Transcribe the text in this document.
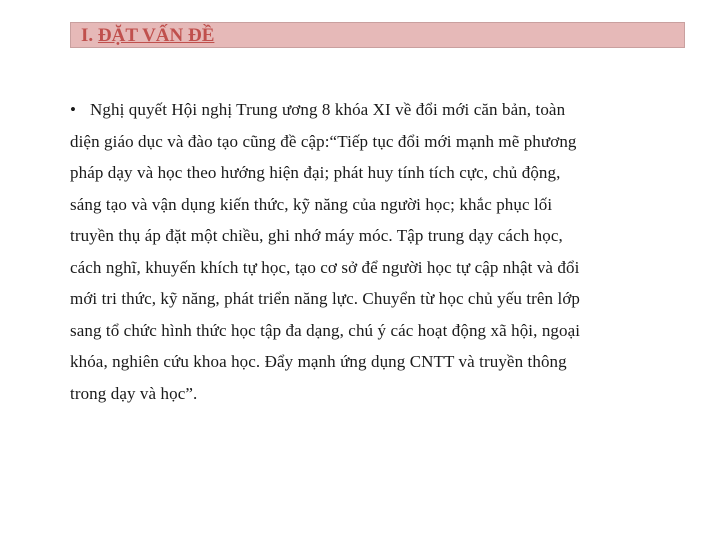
I. ĐẶT VẤN ĐỀ

• Nghị quyết Hội nghị Trung ương 8 khóa XI về đổi mới căn bản, toàn
diện giáo dục và đào tạo cũng đề cập:“Tiếp tục đổi mới mạnh mẽ phương
pháp dạy và học theo hướng hiện đại; phát huy tính tích cực, chủ động,
sáng tạo và vận dụng kiến thức, kỹ năng của người học; khắc phục lối
truyền thụ áp đặt một chiều, ghi nhớ máy móc. Tập trung dạy cách học,
cách nghĩ, khuyến khích tự học, tạo cơ sở để người học tự cập nhật và đổi
mới tri thức, kỹ năng, phát triển năng lực. Chuyển từ học chủ yếu trên lớp
sang tổ chức hình thức học tập đa dạng, chú ý các hoạt động xã hội, ngoại
khóa, nghiên cứu khoa học. Đẩy mạnh ứng dụng CNTT và truyền thông
trong dạy và học”.
